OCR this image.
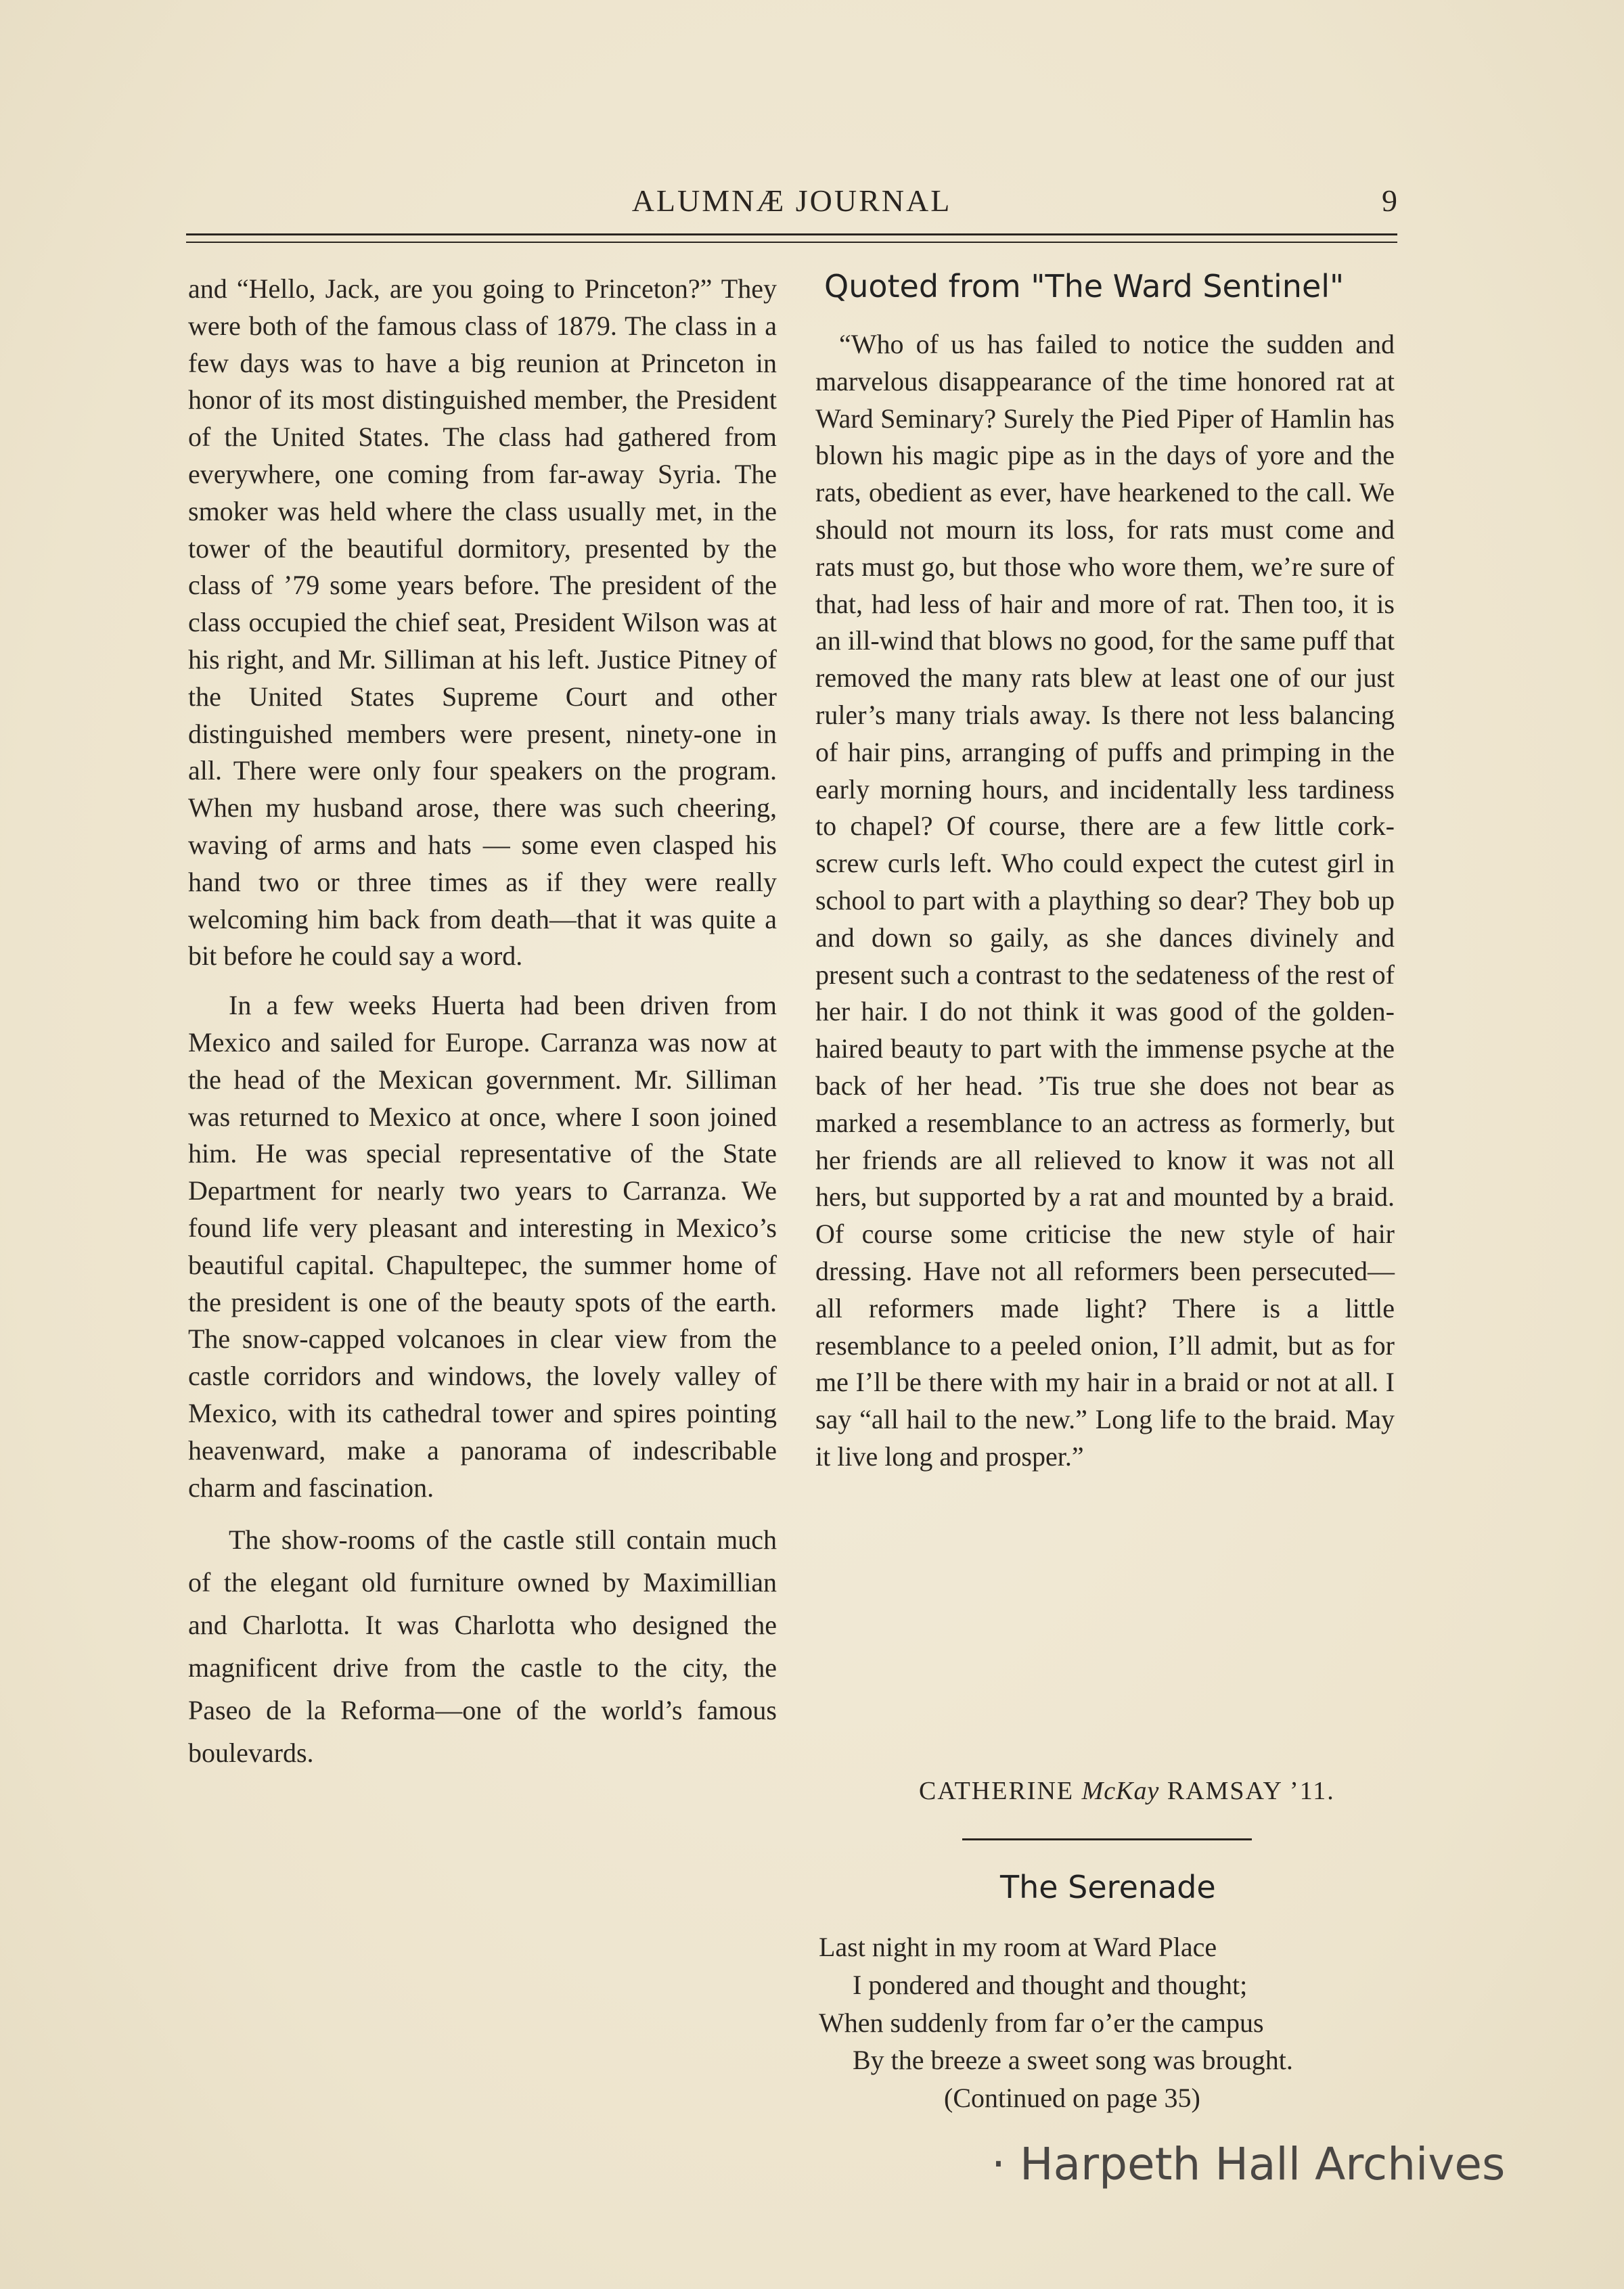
ALUMNÆ JOURNAL	9

and “Hello, Jack, are you going to Princeton?” They were both of the famous class of 1879. The class in a few days was to have a big reunion at Princeton in honor of its most distinguished member, the President of the United States. The class had gathered from everywhere, one coming from far-away Syria. The smoker was held where the class usually met, in the tower of the beautiful dormitory, presented by the class of ’79 some years before. The president of the class occupied the chief seat, President Wilson was at his right, and Mr. Silliman at his left. Justice Pitney of the United States Supreme Court and other distinguished members were present, ninety-one in all. There were only four speakers on the program. When my husband arose, there was such cheering, waving of arms and hats — some even clasped his hand two or three times as if they were really welcoming him back from death—that it was quite a bit before he could say a word.

In a few weeks Huerta had been driven from Mexico and sailed for Europe. Carranza was now at the head of the Mexican government. Mr. Silliman was returned to Mexico at once, where I soon joined him. He was special representative of the State Department for nearly two years to Carranza. We found life very pleasant and interesting in Mexico’s beautiful capital. Chapultepec, the summer home of the president is one of the beauty spots of the earth. The snow-capped volcanoes in clear view from the castle corridors and windows, the lovely valley of Mexico, with its cathedral tower and spires pointing heavenward, make a panorama of indescribable charm and fascination.

The show-rooms of the castle still contain much of the elegant old furniture owned by Maximillian and Charlotta. It was Charlotta who designed the magnificent drive from the castle to the city, the Paseo de la Reforma—one of the world’s famous boulevards.

Quoted from "The Ward Sentinel"

“Who of us has failed to notice the sudden and marvelous disappearance of the time honored rat at Ward Seminary? Surely the Pied Piper of Hamlin has blown his magic pipe as in the days of yore and the rats, obedient as ever, have hearkened to the call. We should not mourn its loss, for rats must come and rats must go, but those who wore them, we’re sure of that, had less of hair and more of rat. Then too, it is an ill-wind that blows no good, for the same puff that removed the many rats blew at least one of our just ruler’s many trials away. Is there not less balancing of hair pins, arranging of puffs and primping in the early morning hours, and incidentally less tardiness to chapel? Of course, there are a few little cork-screw curls left. Who could expect the cutest girl in school to part with a plaything so dear? They bob up and down so gaily, as she dances divinely and present such a contrast to the sedateness of the rest of her hair. I do not think it was good of the golden-haired beauty to part with the immense psyche at the back of her head. ’Tis true she does not bear as marked a resemblance to an actress as formerly, but her friends are all relieved to know it was not all hers, but supported by a rat and mounted by a braid. Of course some criticise the new style of hair dressing. Have not all reformers been persecuted—all reformers made light? There is a little resemblance to a peeled onion, I’ll admit, but as for me I’ll be there with my hair in a braid or not at all. I say “all hail to the new.” Long life to the braid. May it live long and prosper.”

CATHERINE McKay RAMSAY ’11.
The Serenade
Last night in my room at Ward Place
I pondered and thought and thought;
When suddenly from far o’er the campus
By the breeze a sweet song was brought.
(Continued on page 35)
· Harpeth Hall Archives
